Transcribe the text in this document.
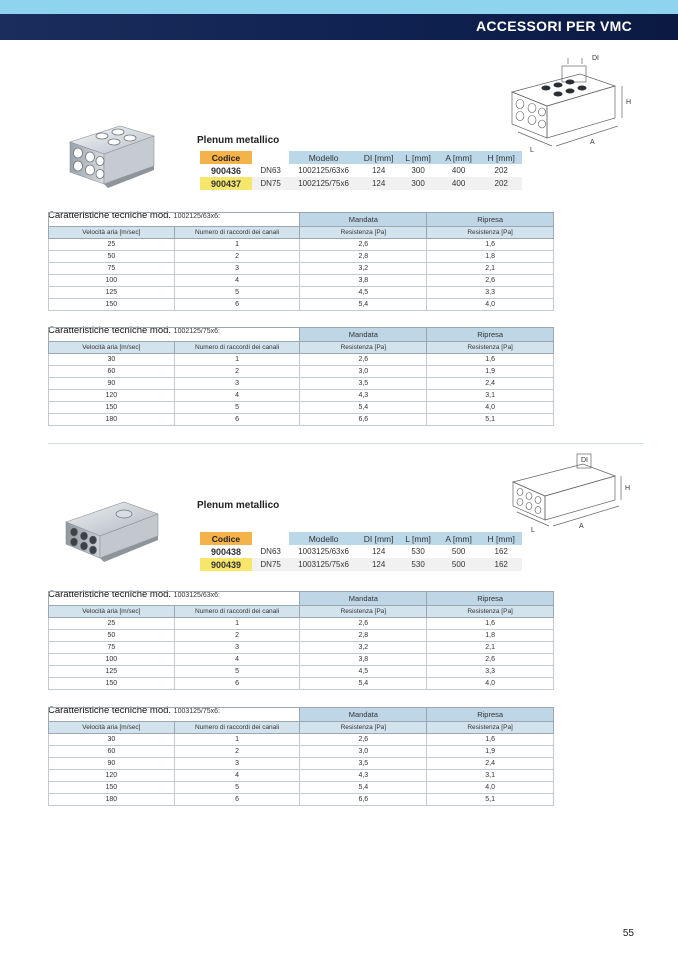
ACCESSORI PER VMC
DI
H
L
A
Plenum metallico
Codice		Modello	DI [mm]	L [mm]	A [mm]	H [mm]
900436	DN63	1002125/63x6	124	300	400	202
900437	DN75	1002125/75x6	124	300	400	202
Caratteristiche tecniche mod. 1002125/63x6:
		Mandata	Ripresa
Velocità aria [m/sec]	Numero di raccordi dei canali	Resistenza [Pa]	Resistenza [Pa]
25	1	2,6	1,6
50	2	2,8	1,8
75	3	3,2	2,1
100	4	3,8	2,6
125	5	4,5	3,3
150	6	5,4	4,0
Caratteristiche tecniche mod. 1002125/75x6:
		Mandata	Ripresa
Velocità aria [m/sec]	Numero di raccordi dei canali	Resistenza [Pa]	Resistenza [Pa]
30	1	2,6	1,6
60	2	3,0	1,9
90	3	3,5	2,4
120	4	4,3	3,1
150	5	5,4	4,0
180	6	6,6	5,1
DI
H
L
A
Plenum metallico
Codice		Modello	DI [mm]	L [mm]	A [mm]	H [mm]
900438	DN63	1003125/63x6	124	530	500	162
900439	DN75	1003125/75x6	124	530	500	162
Caratteristiche tecniche mod. 1003125/63x6:
		Mandata	Ripresa
Velocità aria [m/sec]	Numero di raccordi dei canali	Resistenza [Pa]	Resistenza [Pa]
25	1	2,6	1,6
50	2	2,8	1,8
75	3	3,2	2,1
100	4	3,8	2,6
125	5	4,5	3,3
150	6	5,4	4,0
Caratteristiche tecniche mod. 1003125/75x6:
		Mandata	Ripresa
Velocità aria [m/sec]	Numero di raccordi dei canali	Resistenza [Pa]	Resistenza [Pa]
30	1	2,6	1,6
60	2	3,0	1,9
90	3	3,5	2,4
120	4	4,3	3,1
150	5	5,4	4,0
180	6	6,6	5,1
55
